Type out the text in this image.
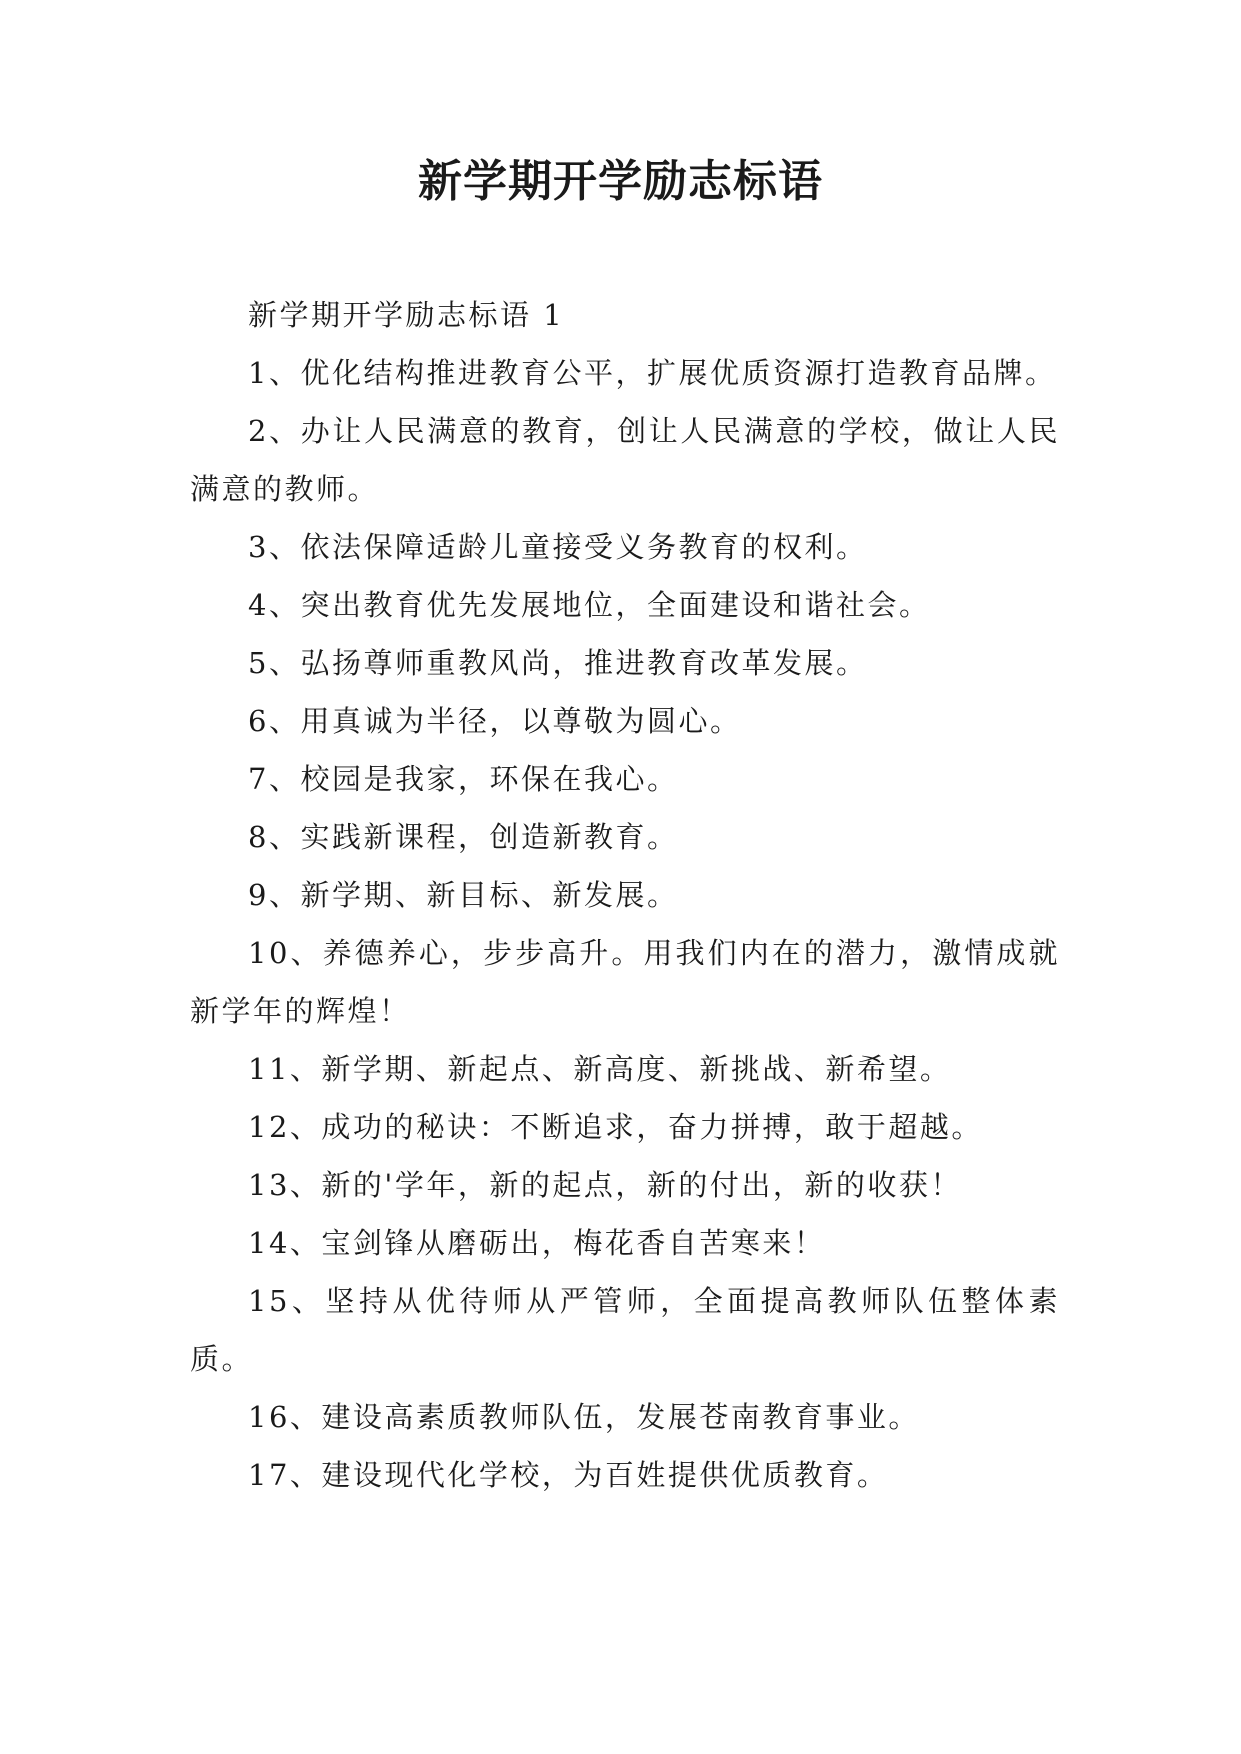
新学期开学励志标语

新学期开学励志标语 1

1、优化结构推进教育公平，扩展优质资源打造教育品牌。

2、办让人民满意的教育，创让人民满意的学校，做让人民满意的教师。

3、依法保障适龄儿童接受义务教育的权利。

4、突出教育优先发展地位，全面建设和谐社会。

5、弘扬尊师重教风尚，推进教育改革发展。

6、用真诚为半径，以尊敬为圆心。

7、校园是我家，环保在我心。

8、实践新课程，创造新教育。

9、新学期、新目标、新发展。

10、养德养心，步步高升。用我们内在的潜力，激情成就新学年的辉煌！

11、新学期、新起点、新高度、新挑战、新希望。

12、成功的秘诀：不断追求，奋力拼搏，敢于超越。

13、新的'学年，新的起点，新的付出，新的收获！

14、宝剑锋从磨砺出，梅花香自苦寒来！

15、坚持从优待师从严管师，全面提高教师队伍整体素质。

16、建设高素质教师队伍，发展苍南教育事业。

17、建设现代化学校，为百姓提供优质教育。
